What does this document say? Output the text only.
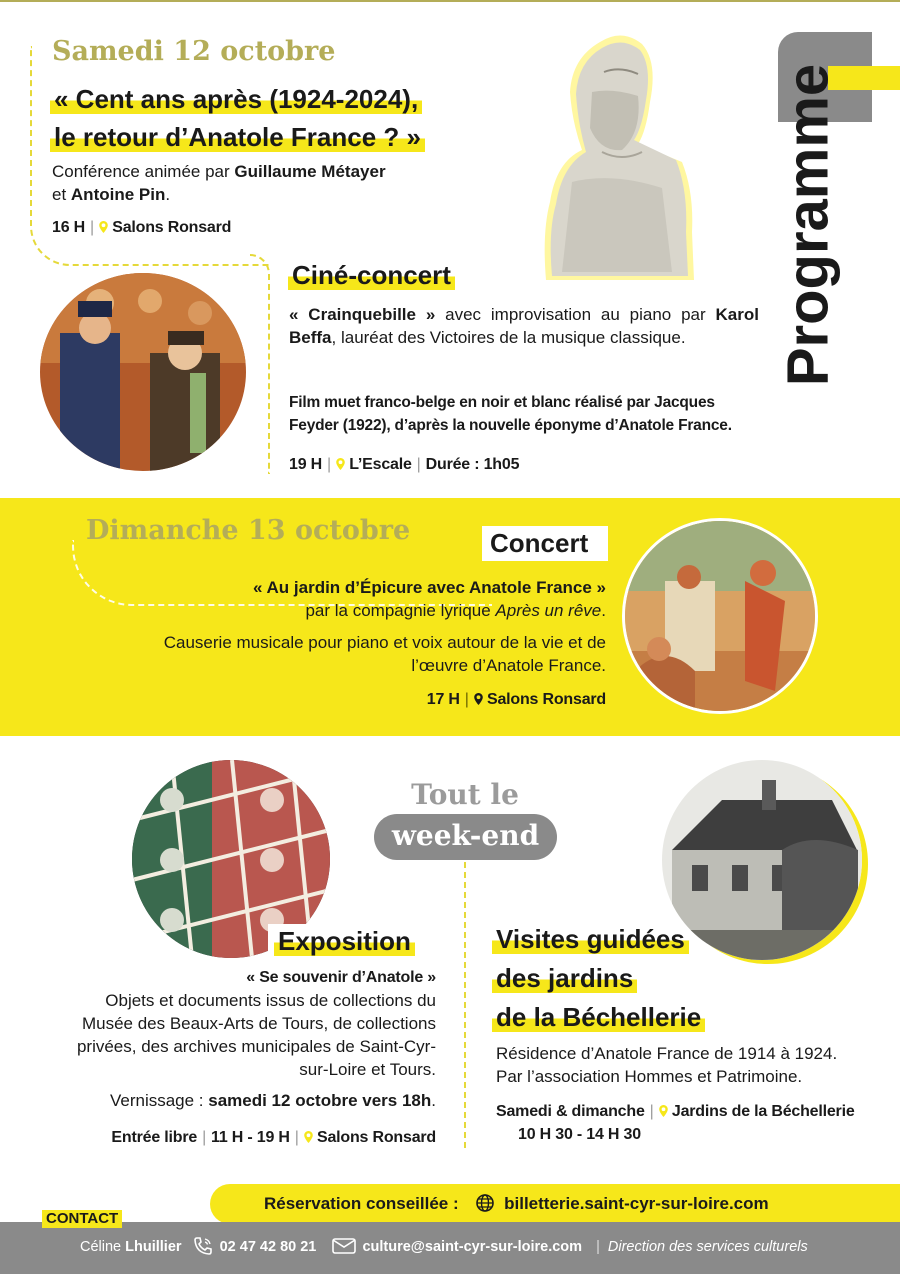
Programme
Samedi 12 octobre
« Cent ans après (1924-2024),
le retour d’Anatole France ? »
Conférence animée par Guillaume Métayer
et Antoine Pin.
16 H | Salons Ronsard
Ciné-concert
« Crainquebille » avec improvisation au piano par Karol Beffa, lauréat des Victoires de la musique classique.
Film muet franco-belge en noir et blanc réalisé par Jacques
Feyder (1922), d’après la nouvelle éponyme d’Anatole France.
19 H | L’Escale | Durée : 1h05
Dimanche 13 octobre	Concert
« Au jardin d’Épicure avec Anatole France »
par la compagnie lyrique Après un rêve.
Causerie musicale pour piano et voix autour de la vie et de
l’œuvre d’Anatole France.
17 H | Salons Ronsard
Tout le
week-end
Exposition
« Se souvenir d’Anatole »
Objets et documents issus de collections du
Musée des Beaux-Arts de Tours, de collections
privées, des archives municipales de Saint-Cyr-
sur-Loire et Tours.
Vernissage : samedi 12 octobre vers 18h.
Entrée libre | 11 H - 19 H | Salons Ronsard
Visites guidées
des jardins
de la Béchellerie
Résidence d’Anatole France de 1914 à 1924.
Par l’association Hommes et Patrimoine.
Samedi & dimanche | Jardins de la Béchellerie
10 H 30 - 14 H 30
Réservation conseillée :	billetterie.saint-cyr-sur-loire.com
CONTACT
Céline Lhuillier	02 47 42 80 21	culture@saint-cyr-sur-loire.com | Direction des services culturels
